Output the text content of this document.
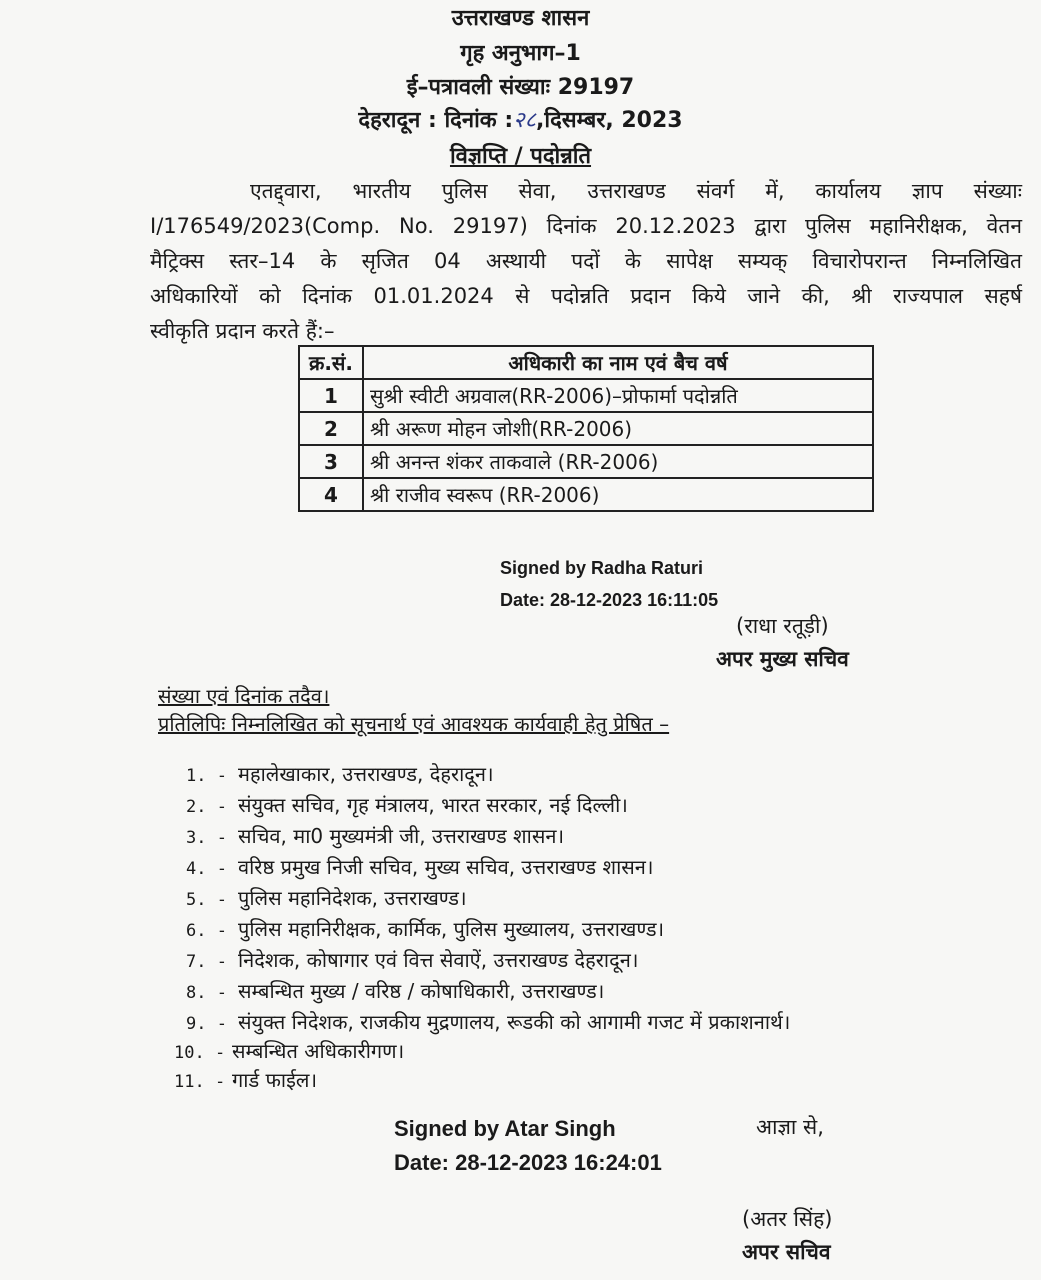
उत्तराखण्ड शासन
गृह अनुभाग–1
ई–पत्रावली संख्याः 29197
देहरादून : दिनांक :२८,दिसम्बर, 2023
विज्ञप्ति / पदोन्नति
एतद्द्वारा, भारतीय पुलिस सेवा, उत्तराखण्ड संवर्ग में, कार्यालय ज्ञाप संख्याः
I/176549/2023(Comp. No. 29197) दिनांक 20.12.2023 द्वारा पुलिस महानिरीक्षक, वेतन
मैट्रिक्स स्तर–14 के सृजित 04 अस्थायी पदों के सापेक्ष सम्यक् विचारोपरान्त निम्नलिखित
अधिकारियों को दिनांक 01.01.2024 से पदोन्नति प्रदान किये जाने की, श्री राज्यपाल सहर्ष
स्वीकृति प्रदान करते हैं:–
क्र.सं.	अधिकारी का नाम एवं बैच वर्ष
1	सुश्री स्वीटी अग्रवाल(RR-2006)–प्रोफार्मा पदोन्नति
2	श्री अरूण मोहन जोशी(RR-2006)
3	श्री अनन्त शंकर ताकवाले (RR-2006)
4	श्री राजीव स्वरूप (RR-2006)
Signed by Radha Raturi
Date: 28-12-2023 16:11:05
(राधा रतूड़ी)
अपर मुख्य सचिव
संख्या एवं दिनांक तदैव।
प्रतिलिपिः निम्नलिखित को सूचनार्थ एवं आवश्यक कार्यवाही हेतु प्रेषित –
1. - महालेखाकार, उत्तराखण्ड, देहरादून।
2. - संयुक्त सचिव, गृह मंत्रालय, भारत सरकार, नई दिल्ली।
3. - सचिव, मा0 मुख्यमंत्री जी, उत्तराखण्ड शासन।
4. - वरिष्ठ प्रमुख निजी सचिव, मुख्य सचिव, उत्तराखण्ड शासन।
5. - पुलिस महानिदेशक, उत्तराखण्ड।
6. - पुलिस महानिरीक्षक, कार्मिक, पुलिस मुख्यालय, उत्तराखण्ड।
7. - निदेशक, कोषागार एवं वित्त सेवाऐं, उत्तराखण्ड देहरादून।
8. - सम्बन्धित मुख्य / वरिष्ठ / कोषाधिकारी, उत्तराखण्ड।
9. - संयुक्त निदेशक, राजकीय मुद्रणालय, रूडकी को आगामी गजट में प्रकाशनार्थ।
10. - सम्बन्धित अधिकारीगण।
11. - गार्ड फाईल।
Signed by Atar Singh
Date: 28-12-2023 16:24:01
आज्ञा से,
(अतर सिंह)
अपर सचिव
